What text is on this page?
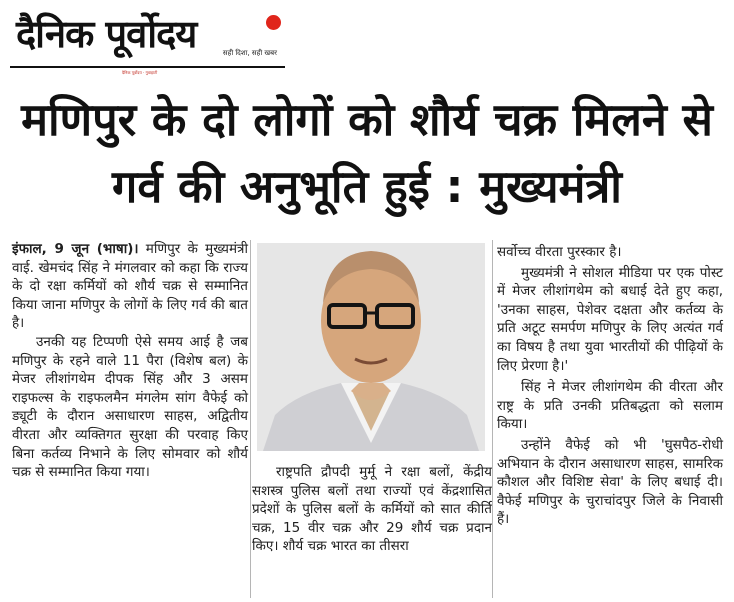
दैनिक पूर्वोदय	सही दिशा, सही खबर
दैनिक पूर्वोदय · गुवाहाटी
मणिपुर के दो लोगों को शौर्य चक्र मिलने से गर्व की अनुभूति हुई : मुख्यमंत्री

इंफाल, 9 जून (भाषा)। मणिपुर के मुख्यमंत्री वाई. खेमचंद सिंह ने मंगलवार को कहा कि राज्य के दो रक्षा कर्मियों को शौर्य चक्र से सम्मानित किया जाना मणिपुर के लोगों के लिए गर्व की बात है।

उनकी यह टिप्पणी ऐसे समय आई है जब मणिपुर के रहने वाले 11 पैरा (विशेष बल) के मेजर लीशांगथेम दीपक सिंह और 3 असम राइफल्स के राइफलमैन मंगलेम सांग वैफेई को ड्यूटी के दौरान असाधारण साहस, अद्वितीय वीरता और व्यक्तिगत सुरक्षा की परवाह किए बिना कर्तव्य निभाने के लिए सोमवार को शौर्य चक्र से सम्मानित किया गया।	राष्ट्रपति द्रौपदी मुर्मू ने रक्षा बलों, केंद्रीय सशस्त्र पुलिस बलों तथा राज्यों एवं केंद्रशासित प्रदेशों के पुलिस बलों के कर्मियों को सात कीर्ति चक्र, 15 वीर चक्र और 29 शौर्य चक्र प्रदान किए। शौर्य चक्र भारत का तीसरा

सर्वोच्च वीरता पुरस्कार है।

मुख्यमंत्री ने सोशल मीडिया पर एक पोस्ट में मेजर लीशांगथेम को बधाई देते हुए कहा, 'उनका साहस, पेशेवर दक्षता और कर्तव्य के प्रति अटूट समर्पण मणिपुर के लिए अत्यंत गर्व का विषय है तथा युवा भारतीयों की पीढ़ियों के लिए प्रेरणा है।'

सिंह ने मेजर लीशांगथेम की वीरता और राष्ट्र के प्रति उनकी प्रतिबद्धता को सलाम किया।

उन्होंने वैफेई को भी 'घुसपैठ-रोधी अभियान के दौरान असाधारण साहस, सामरिक कौशल और विशिष्ट सेवा' के लिए बधाई दी। वैफेई मणिपुर के चुराचांदपुर जिले के निवासी हैं।
